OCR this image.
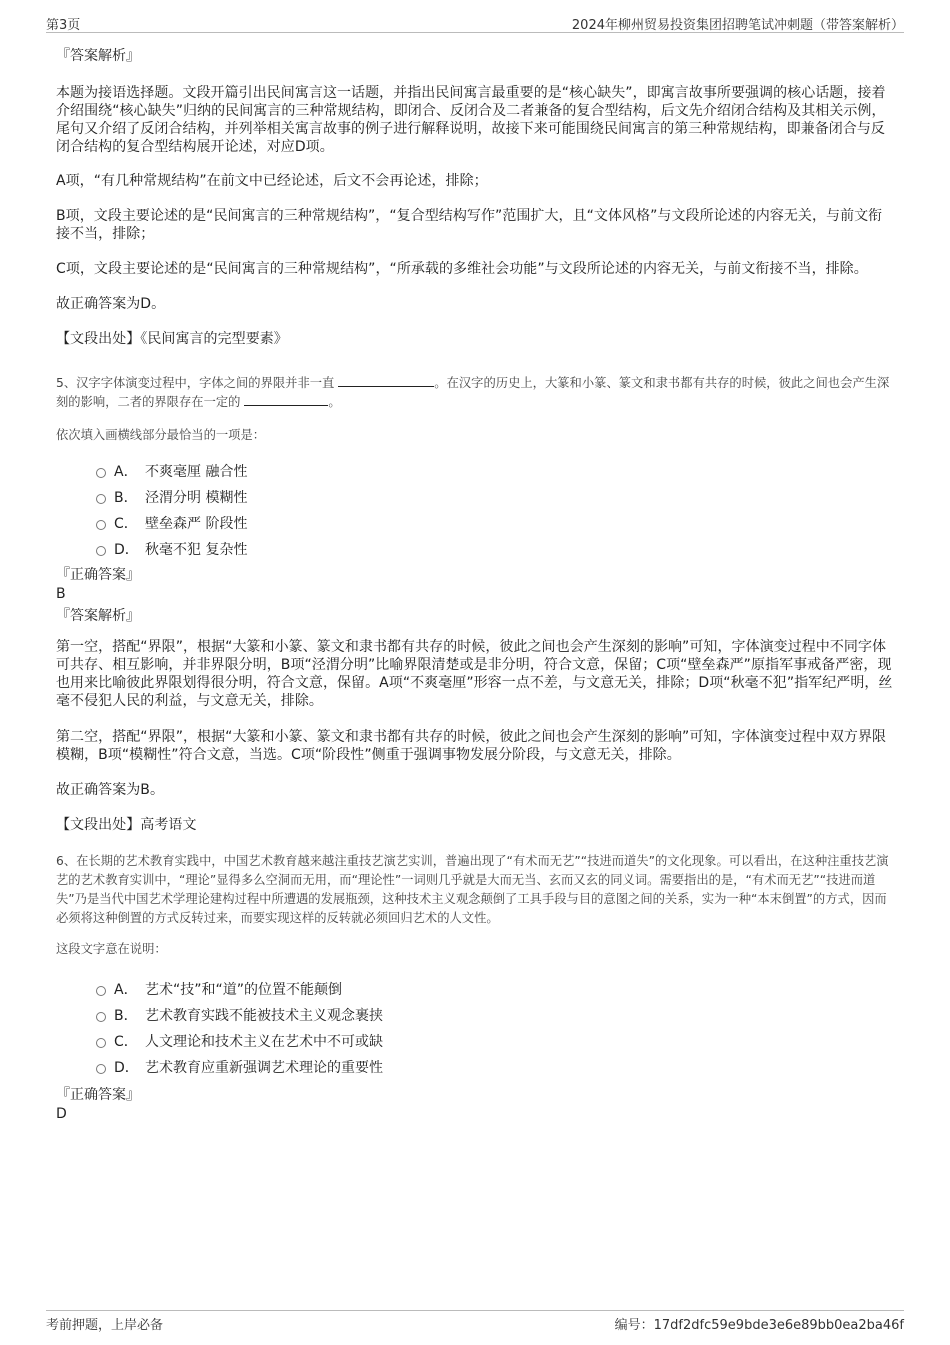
第3页	2024年柳州贸易投资集团招聘笔试冲刺题（带答案解析）

『答案解析』

本题为接语选择题。文段开篇引出民间寓言这一话题，并指出民间寓言最重要的是“核心缺失”，即寓言故事所要强调的核心话题，接着介绍围绕“核心缺失”归纳的民间寓言的三种常规结构，即闭合、反闭合及二者兼备的复合型结构，后文先介绍闭合结构及其相关示例，尾句又介绍了反闭合结构，并列举相关寓言故事的例子进行解释说明，故接下来可能围绕民间寓言的第三种常规结构，即兼备闭合与反闭合结构的复合型结构展开论述，对应D项。

A项，“有几种常规结构”在前文中已经论述，后文不会再论述，排除；

B项，文段主要论述的是“民间寓言的三种常规结构”，“复合型结构写作”范围扩大，且“文体风格”与文段所论述的内容无关，与前文衔接不当，排除；

C项，文段主要论述的是“民间寓言的三种常规结构”，“所承载的多维社会功能”与文段所论述的内容无关，与前文衔接不当，排除。

故正确答案为D。

【文段出处】《民间寓言的完型要素》

5、汉字字体演变过程中，字体之间的界限并非一直	。在汉字的历史上，大篆和小篆、篆文和隶书都有共存的时候，彼此之间也会产生深刻的影响，二者的界限存在一定的	。

依次填入画横线部分最恰当的一项是：

A． 不爽毫厘 融合性
B． 泾渭分明 模糊性
C． 壁垒森严 阶段性
D． 秋毫不犯 复杂性

『正确答案』

B

『答案解析』

第一空，搭配“界限”，根据“大篆和小篆、篆文和隶书都有共存的时候，彼此之间也会产生深刻的影响”可知，字体演变过程中不同字体可共存、相互影响，并非界限分明，B项“泾渭分明”比喻界限清楚或是非分明，符合文意，保留；C项“壁垒森严”原指军事戒备严密，现也用来比喻彼此界限划得很分明，符合文意，保留。A项“不爽毫厘”形容一点不差，与文意无关，排除；D项“秋毫不犯”指军纪严明，丝毫不侵犯人民的利益，与文意无关，排除。

第二空，搭配“界限”，根据“大篆和小篆、篆文和隶书都有共存的时候，彼此之间也会产生深刻的影响”可知，字体演变过程中双方界限模糊，B项“模糊性”符合文意，当选。C项“阶段性”侧重于强调事物发展分阶段，与文意无关，排除。

故正确答案为B。

【文段出处】高考语文

6、在长期的艺术教育实践中，中国艺术教育越来越注重技艺演艺实训，普遍出现了“有术而无艺”“技进而道失”的文化现象。可以看出，在这种注重技艺演艺的艺术教育实训中，“理论”显得多么空洞而无用，而“理论性”一词则几乎就是大而无当、玄而又玄的同义词。需要指出的是，“有术而无艺”“技进而道失”乃是当代中国艺术学理论建构过程中所遭遇的发展瓶颈，这种技术主义观念颠倒了工具手段与目的意图之间的关系，实为一种“本末倒置”的方式，因而必须将这种倒置的方式反转过来，而要实现这样的反转就必须回归艺术的人文性。

这段文字意在说明：

A． 艺术“技”和“道”的位置不能颠倒
B． 艺术教育实践不能被技术主义观念裹挟
C． 人文理论和技术主义在艺术中不可或缺
D． 艺术教育应重新强调艺术理论的重要性

『正确答案』

D

考前押题，上岸必备	编号：17df2dfc59e9bde3e6e89bb0ea2ba46f
